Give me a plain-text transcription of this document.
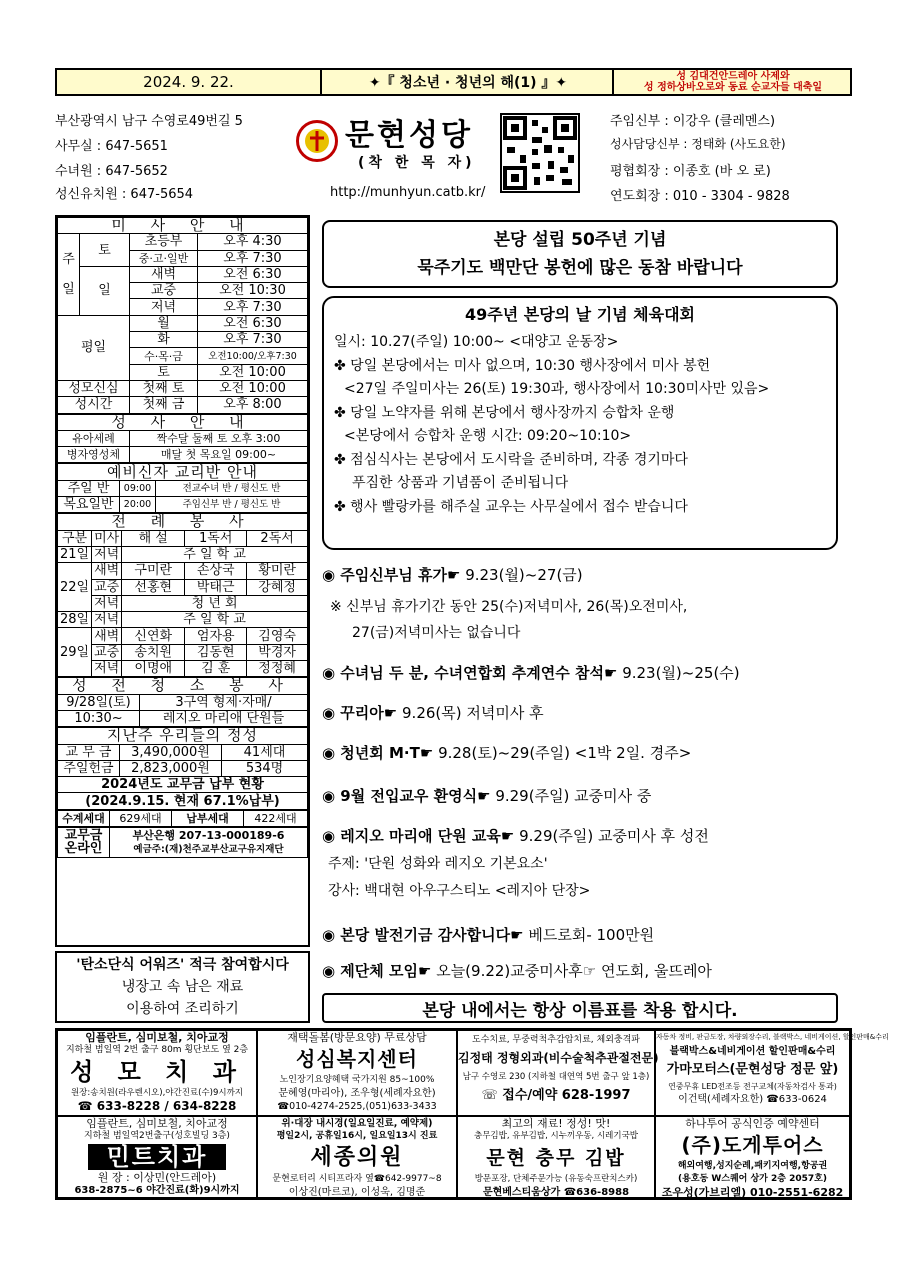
2024. 9. 22.	✦『 청소년 · 청년의 해(1) 』✦	성 김대건안드레아 사제와
성 정하상바오로와 동료 순교자들 대축일
부산광역시 남구 수영로49번길 5
사무실 : 647-5651
수녀원 : 647-5652
성신유치원 : 647-5654
문현성당
(착 한 목 자)
http://munhyun.catb.kr/
주임신부 : 이강우 (클레멘스)
성사담당신부 : 정태화 (사도요한)
평협회장 : 이종호 (바 오 로)
연도회장 : 010 - 3304 - 9828
미 사 안 내			
주

일	토	초등부	오후 4:30
		중·고·일반	오후 7:30
	일	새벽	오전 6:30
		교중	오전 10:30
		저녁	오후 7:30
평일		월	오전 6:30
		화	오후 7:30
		수·목·금	오전10:00/오후7:30
		토	오전 10:00
성모신심		첫째 토	오전 10:00
성시간		첫째 금	오후 8:00
성 사 안 내	
유아세례	짝수달 둘째 토 오후 3:00
병자영성체	매달 첫 목요일 09:00~
예비신자 교리반 안내		
주일 반	09:00	전교수녀 반 / 평신도 반
목요일반	20:00	주임신부 반 / 평신도 반
전 례 봉 사				
구분	미사	해 설	1독서	2독서
21일	저녁	주 일 학 교		
22일	새벽	구미란	손상국	황미란
	교중	선홍현	박태근	강혜정
	저녁	청 년 회		
28일	저녁	주 일 학 교		
29일	새벽	신연화	엄자용	김영숙
	교중	송치원	김동현	박경자
	저녁	이명애	김 훈	정정혜
성 전 청 소 봉 사	
9/28일(토)	3구역 형제·자매/
10:30~	레지오 마리애 단원들
지난주 우리들의 정성		
교 무 금	3,490,000원	41세대
주일헌금	2,823,000원	534명
2024년도 교무금 납부 현황		
(2024.9.15. 현재 67.1%납부)		
수계세대	629세대	납부세대	422세대
교무금
온라인	부산은행 207-13-000189-6
예금주:(재)천주교부산교구유지재단
'탄소단식 어워즈' 적극 참여합시다
냉장고 속 남은 재료
이용하여 조리하기
본당 설립 50주년 기념
묵주기도 백만단 봉헌에 많은 동참 바랍니다
49주년 본당의 날 기념 체육대회
일시: 10.27(주일) 10:00~ <대양고 운동장>
✤ 당일 본당에서는 미사 없으며, 10:30 행사장에서 미사 봉헌
<27일 주일미사는 26(토) 19:30과, 행사장에서 10:30미사만 있음>
✤ 당일 노약자를 위해 본당에서 행사장까지 승합차 운행
<본당에서 승합차 운행 시간: 09:20~10:10>
✤ 점심식사는 본당에서 도시락을 준비하며, 각종 경기마다
푸짐한 상품과 기념품이 준비됩니다
✤ 행사 빨랑카를 해주실 교우는 사무실에서 접수 받습니다
◉ 주임신부님 휴가☛ 9.23(월)~27(금)
※ 신부님 휴가기간 동안 25(수)저녁미사, 26(목)오전미사,
27(금)저녁미사는 없습니다
◉ 수녀님 두 분, 수녀연합회 추계연수 참석☛ 9.23(월)~25(수)
◉ 꾸리아☛ 9.26(목) 저녁미사 후
◉ 청년회 M·T☛ 9.28(토)~29(주일) <1박 2일. 경주>
◉ 9월 전입교우 환영식☛ 9.29(주일) 교중미사 중
◉ 레지오 마리애 단원 교육☛ 9.29(주일) 교중미사 후 성전
주제: '단원 성화와 레지오 기본요소'
강사: 백대현 아우구스티노 <레지아 단장>
◉ 본당 발전기금 감사합니다☛ 베드로회- 100만원
◉ 제단체 모임☛ 오늘(9.22)교중미사후☞ 연도회, 울뜨레아
본당 내에서는 항상 이름표를 착용 합시다.
임플란트, 심미보철, 치아교정
지하철 범일역 2번 출구 80m 횡단보도 옆 2층
성 모 치 과
원장:송치원(라우렌시오),야간진료(수)9시까지
☎ 633-8228 / 634-8228
재택돌봄(방문요양) 무료상담
성심복지센터
노인장기요양혜택 국가지원 85~100%
문혜영(마리아), 조우형(세례자요한)
☎010-4274-2525,(051)633-3433
도수치료, 무중력척추감압치료, 체외충격파
김정태 정형외과(비수술척추관절전문)
남구 수영로 230 (지하철 대연역 5번 출구 앞 1층)
☏ 접수/예약 628-1997
자동차 정비, 판금도장, 차량외장수리, 블랙박스, 네비게이션, 할인판매&수리
블랙박스&네비게이션 할인판매&수리
가마모터스(문현성당 정문 앞)
연중무휴 LED전조등 전구교체(자동차검사 통과)
이건택(세례자요한) ☎633-0624
임플란트, 심미보철, 치아교정
지하철 범일역2번출구(성호빌딩 3층)
민트치과
원 장 : 이상민(안드레아)
638-2875~6 야간진료(화)9시까지
위·대장 내시경(일요일진료, 예약제)
평일2시, 공휴일16시, 일요일13시 진료
세종의원
문현로터리 시티프라자 옆☎642-9977~8
이상진(마르코), 이성욱, 김명준
최고의 재료! 정성! 맛!
충무김밥, 유부김밥, 시누끼우동, 시레기국밥
문현 충무 김밥
방문포장, 단체주문가능 (유동숙프란치스카)
문현베스티움상가 ☎636-8988
하나투어 공식인증 예약센터
(주)도게투어스
해외여행,성지순례,패키지여행,항공권
(용호동 W스퀘어 상가 2층 2057호)
조우성(가브리엘) 010-2551-6282
